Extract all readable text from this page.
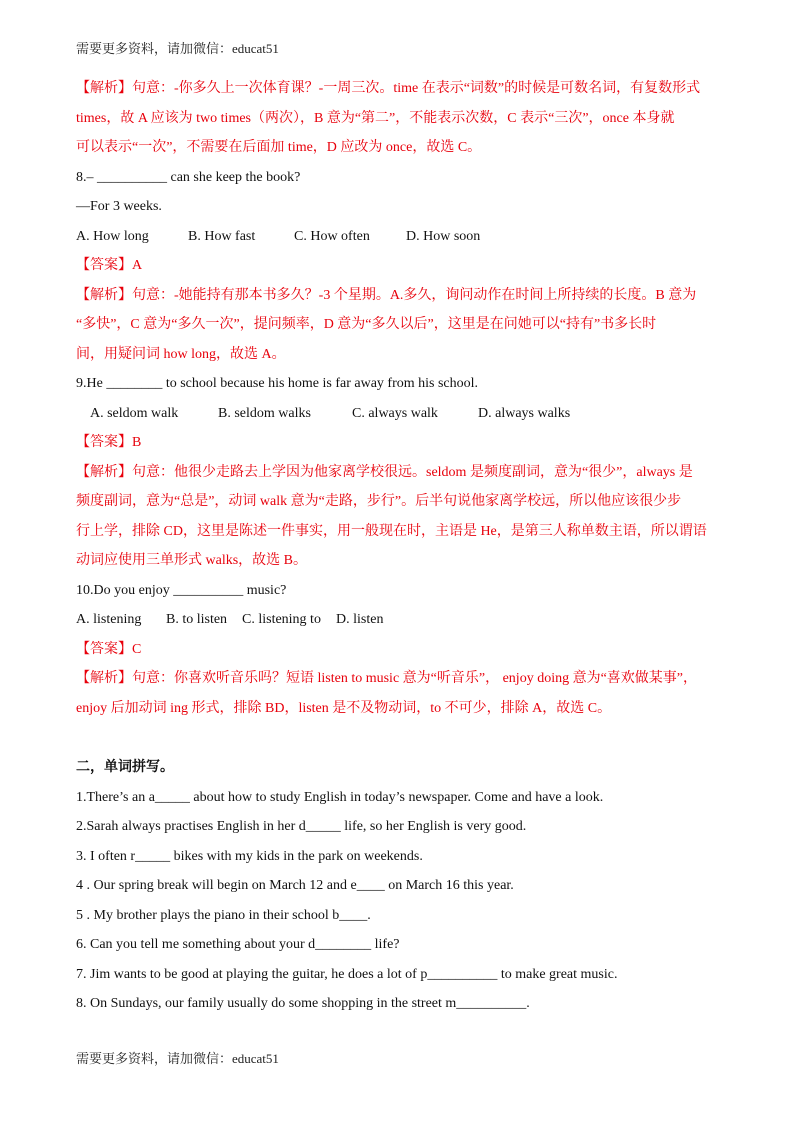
需要更多资料，请加微信：educat51
【解析】句意：-你多久上一次体育课？-一周三次。time 在表示“词数”的时候是可数名词，有复数形式
times，故 A 应该为 two times（两次），B 意为“第二”，不能表示次数，C 表示“三次”，once 本身就
可以表示“一次”，不需要在后面加 time，D 应改为 once，故选 C。
8.– __________ can she keep the book?
—For 3 weeks.
A. How long	B. How fast	C. How often	D. How soon
【答案】A
【解析】句意：-她能持有那本书多久？-3 个星期。A.多久，询问动作在时间上所持续的长度。B 意为
“多快”，C 意为“多久一次”，提问频率，D 意为“多久以后”，这里是在问她可以“持有”书多长时
间，用疑问词 how long，故选 A。
9.He ________ to school because his home is far away from his school.
A. seldom walk	B. seldom walks	C. always walk	D. always walks
【答案】B
【解析】句意：他很少走路去上学因为他家离学校很远。seldom 是频度副词，意为“很少”，always 是
频度副词，意为“总是”，动词 walk 意为“走路，步行”。后半句说他家离学校远，所以他应该很少步
行上学，排除 CD，这里是陈述一件事实，用一般现在时，主语是 He，是第三人称单数主语，所以谓语
动词应使用三单形式 walks，故选 B。
10.Do you enjoy __________ music?
A. listening B. to listen C. listening to D. listen
【答案】C
【解析】句意：你喜欢听音乐吗？短语 listen to music 意为“听音乐”， enjoy doing 意为“喜欢做某事”，
enjoy 后加动词 ing 形式，排除 BD，listen 是不及物动词，to 不可少，排除 A，故选 C。
二，单词拼写。
1.There’s an a_____ about how to study English in today’s newspaper. Come and have a look.
2.Sarah always practises English in her d_____ life, so her English is very good.
3. I often r_____ bikes with my kids in the park on weekends.
4 . Our spring break will begin on March 12 and e____ on March 16 this year.
5 . My brother plays the piano in their school b____.
6. Can you tell me something about your d________ life?
7. Jim wants to be good at playing the guitar, he does a lot of p__________ to make great music.
8. On Sundays, our family usually do some shopping in the street m__________.
需要更多资料，请加微信：educat51
